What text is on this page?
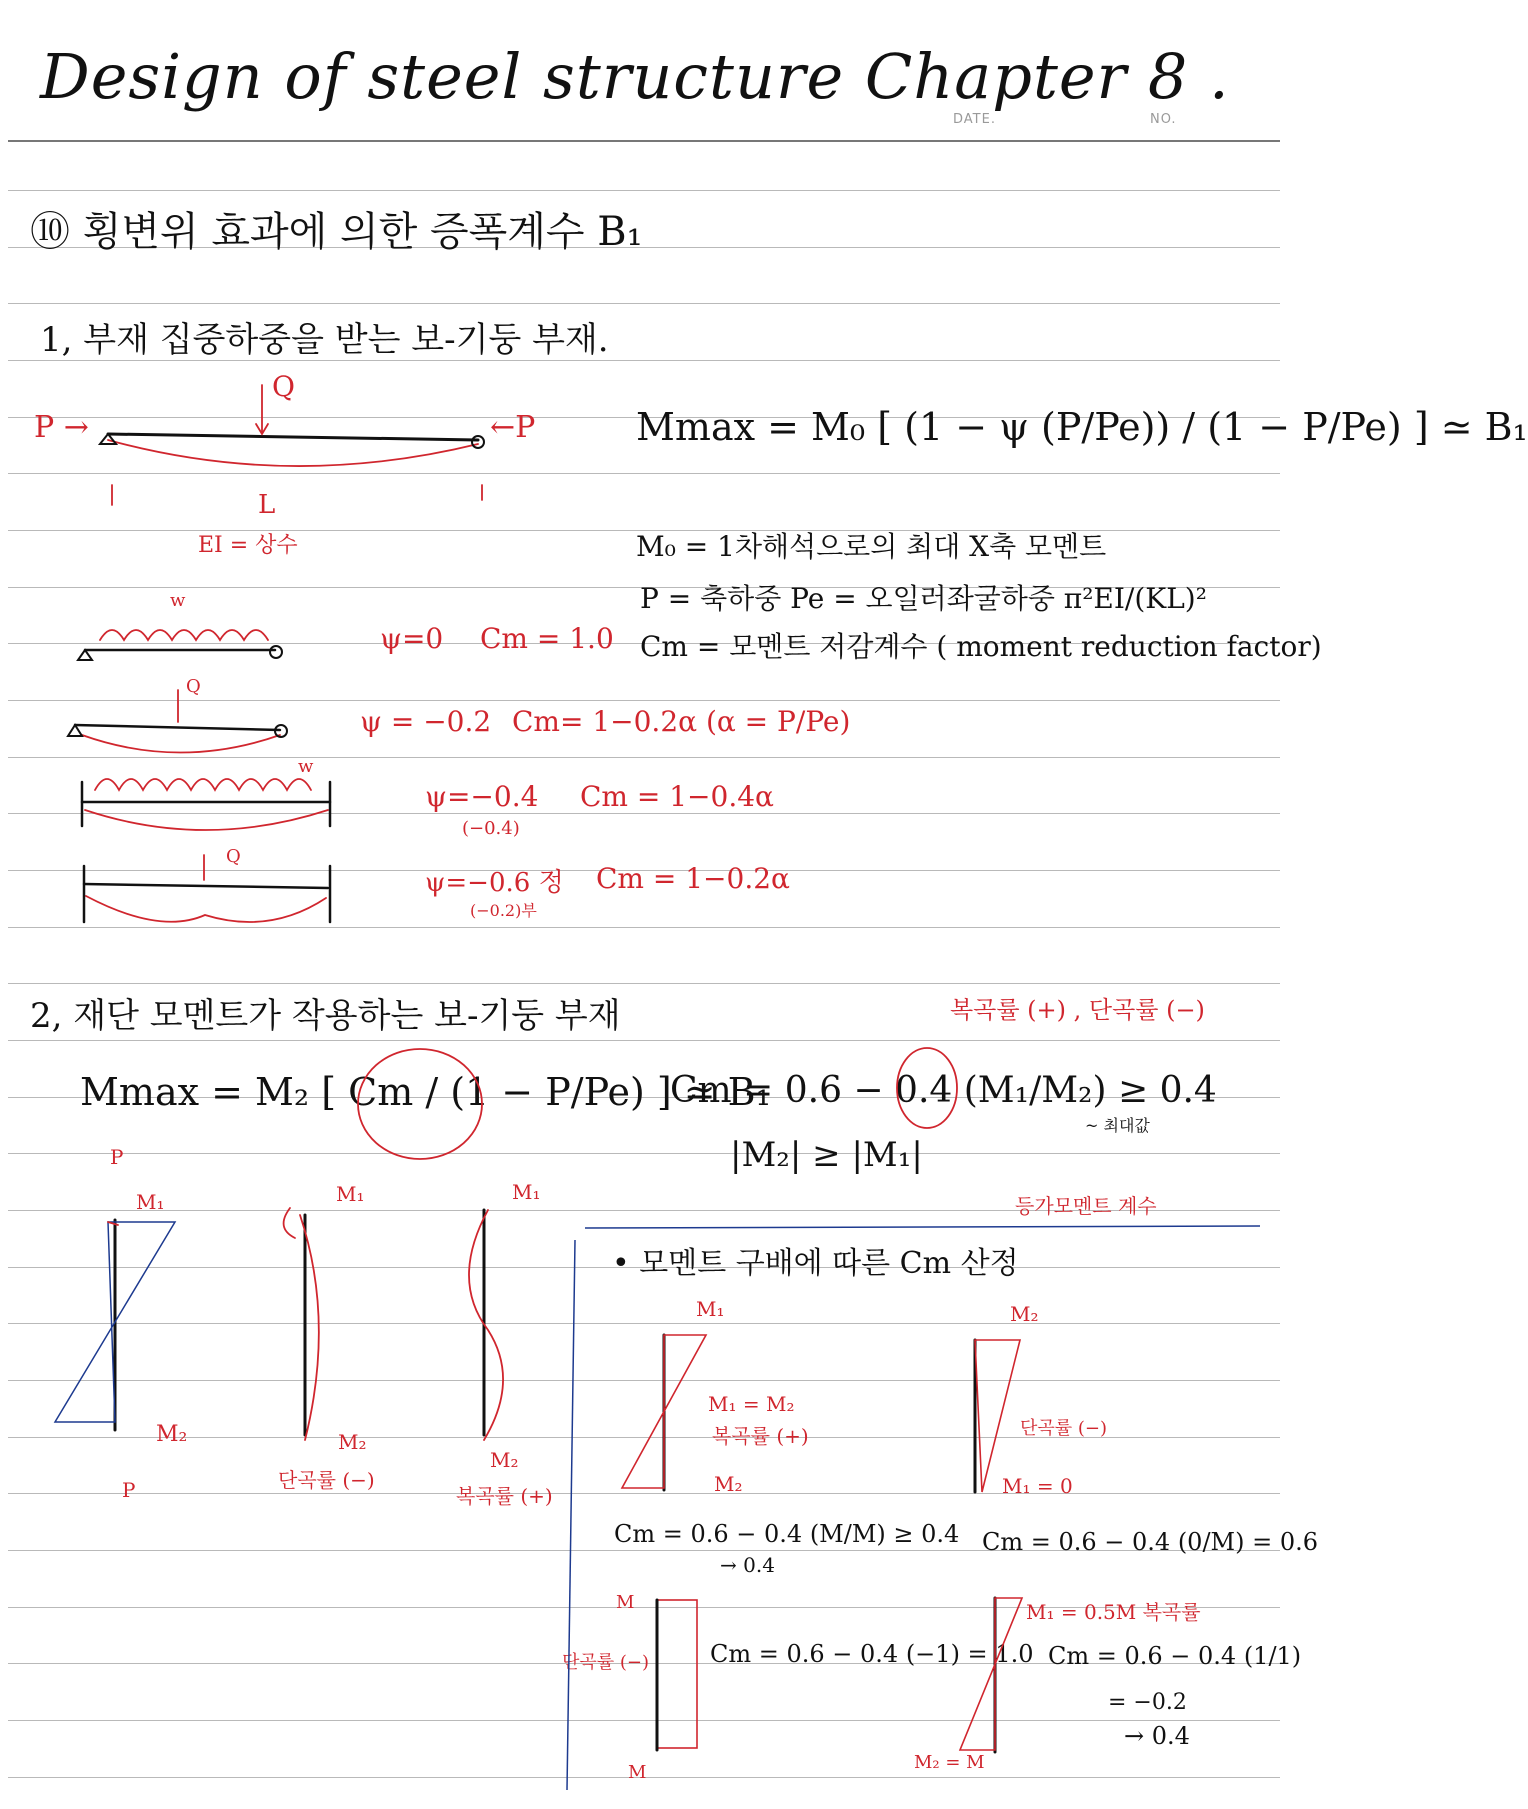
Design of steel structure Chapter 8 .
DATE.	NO.
⑩ 횡변위 효과에 의한 증폭계수 B₁
1, 부재 집중하중을 받는 보-기둥 부재.
P →
Q
←P
L
EI = 상수
Mmax = M₀ [ (1 − ψ (P/Pe)) / (1 − P/Pe) ] ≃ B₁
M₀ = 1차해석으로의 최대 X축 모멘트
P = 축하중 Pe = 오일러좌굴하중 π²EI/(KL)²
Cm = 모멘트 저감계수 ( moment reduction factor)
w
ψ=0 Cm = 1.0
Q
ψ = −0.2 Cm= 1−0.2α (α = P/Pe)
w
ψ=−0.4
(−0.4)
Cm = 1−0.4α
Q
ψ=−0.6 정
(−0.2)부
Cm = 1−0.2α
2, 재단 모멘트가 작용하는 보-기둥 부재	복곡률 (+) , 단곡률 (−)
Mmax = M₂ [ Cm / (1 − P/Pe) ] ≃ B₁
Cm = 0.6 − 0.4 (M₁/M₂) ≥ 0.4
~ 최대값
|M₂| ≥ |M₁|
등가모멘트 계수
P
M₁
M₂
P
M₁
M₂
단곡률 (−)
M₁
M₂
복곡률 (+)
• 모멘트 구배에 따른 Cm 산정
M₁
M₁ = M₂
복곡률 (+)
M₂
Cm = 0.6 − 0.4 (M/M) ≥ 0.4
→ 0.4
M₂
단곡률 (−)
M₁ = 0
Cm = 0.6 − 0.4 (0/M) = 0.6
M
단곡률 (−)
M
Cm = 0.6 − 0.4 (−1) = 1.0
M₁ = 0.5M 복곡률
M₂ = M
Cm = 0.6 − 0.4 (1/1)
= −0.2
→ 0.4
